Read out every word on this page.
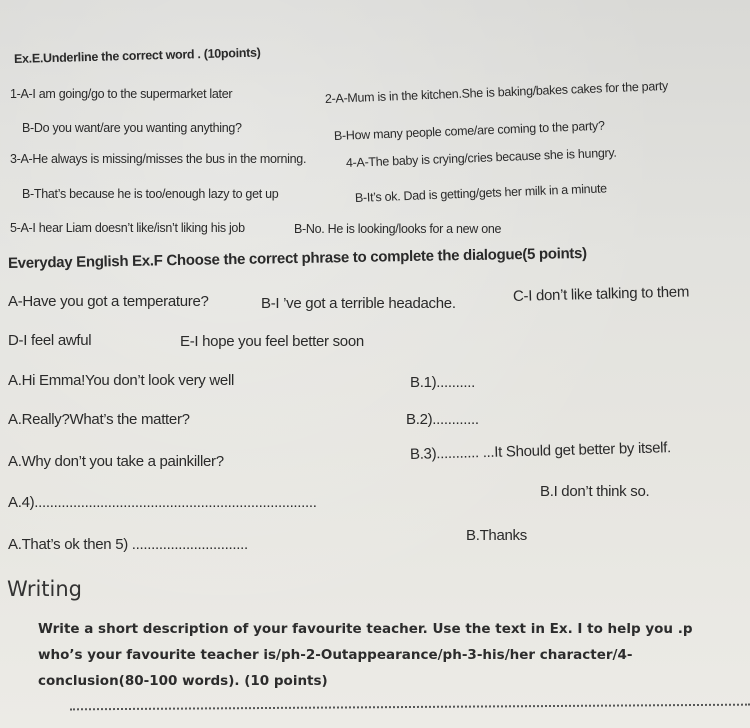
Ex.E.Underline the correct word . (10points)
1-A-I am going/go to the supermarket later
B-Do you want/are you wanting anything?
2-A-Mum is in the kitchen.She is baking/bakes cakes for the party
B-How many people come/are coming to the party?
3-A-He always is missing/misses the bus in the morning.
B-That’s because he is too/enough lazy to get up
4-A-The baby is crying/cries because she is hungry.
B-It’s ok. Dad is getting/gets her milk in a minute
5-A-I hear Liam doesn’t like/isn’t liking his job	B-No. He is looking/looks for a new one
Everyday English Ex.F Choose the correct phrase to complete the dialogue(5 points)
A-Have you got a temperature?	B-I ’ve got a terrible headache.	C-I don’t like talking to them
D-I feel awful	E-I hope you feel better soon
A.Hi Emma!You don’t look very well	B.1)..........
A.Really?What’s the matter?	B.2)............
A.Why don’t you take a painkiller?	B.3)........... ...It Should get better by itself.
A.4).........................................................................
B.I don’t think so.
A.That’s ok then 5) ..............................
B.Thanks
Writing
Write a short description of your favourite teacher. Use the text in Ex. I to help you .p
who’s your favourite teacher is/ph-2-Outappearance/ph-3-his/her character/4-
conclusion(80-100 words). (10 points)
